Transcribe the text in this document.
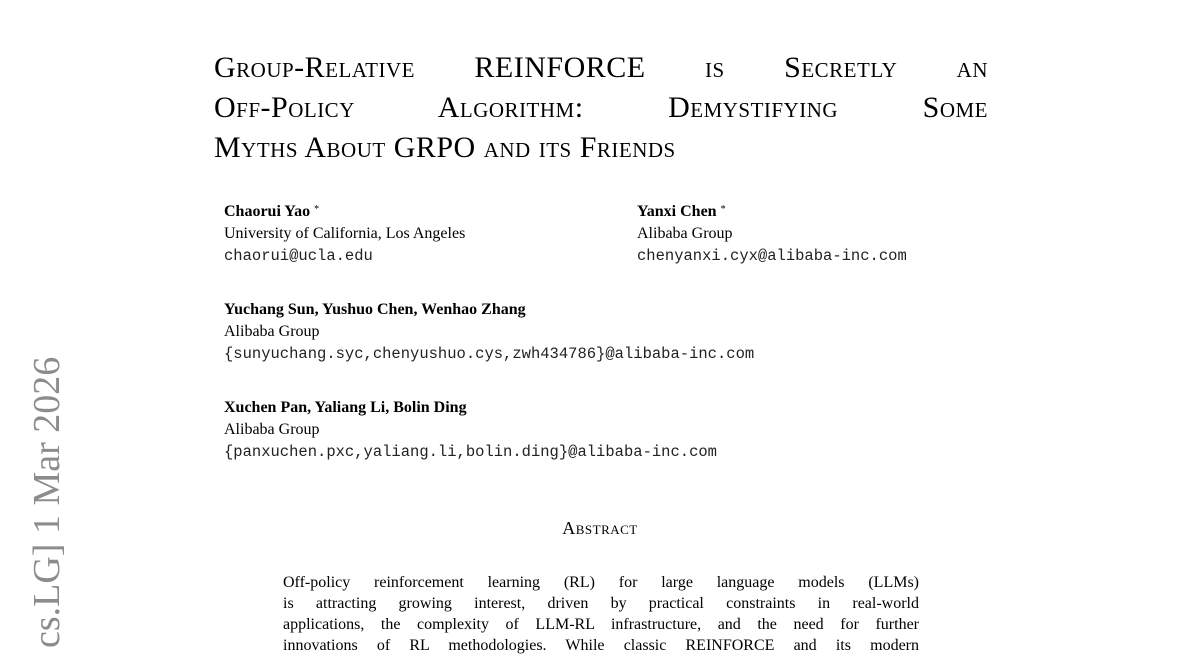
cs.LG] 1 Mar 2026
Group-Relative REINFORCE is Secretly an
Off-Policy Algorithm: Demystifying Some
Myths About GRPO and its Friends
Chaorui Yao *
University of California, Los Angeles
chaorui@ucla.edu
Yanxi Chen *
Alibaba Group
chenyanxi.cyx@alibaba-inc.com
Yuchang Sun, Yushuo Chen, Wenhao Zhang
Alibaba Group
{sunyuchang.syc,chenyushuo.cys,zwh434786}@alibaba-inc.com
Xuchen Pan, Yaliang Li, Bolin Ding
Alibaba Group
{panxuchen.pxc,yaliang.li,bolin.ding}@alibaba-inc.com
Abstract
Off-policy reinforcement learning (RL) for large language models (LLMs)
is attracting growing interest, driven by practical constraints in real-world
applications, the complexity of LLM-RL infrastructure, and the need for further
innovations of RL methodologies. While classic REINFORCE and its modern
